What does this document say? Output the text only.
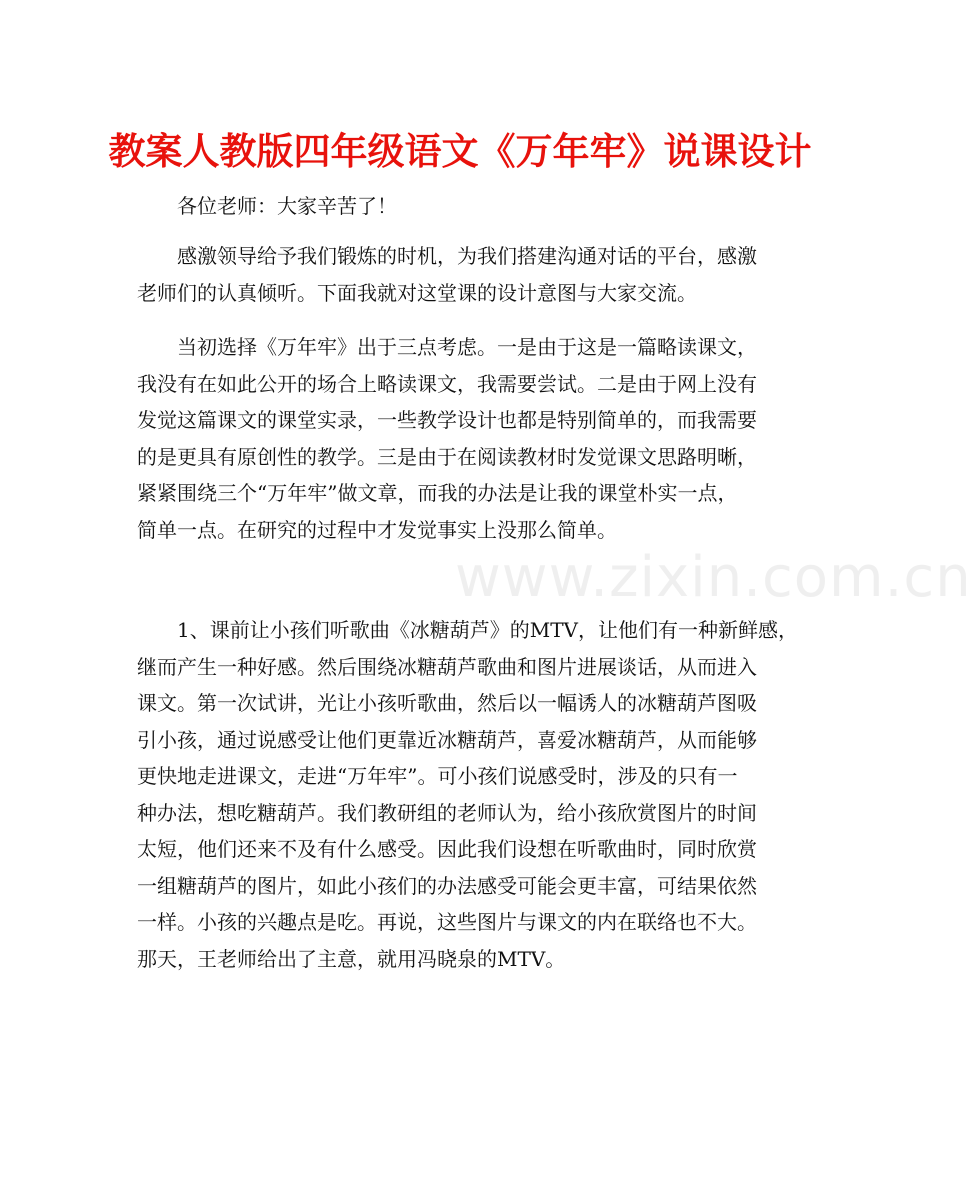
教案人教版四年级语文《万年牢》说课设计
www.zixin.com.cn
各位老师：大家辛苦了！
感激领导给予我们锻炼的时机，为我们搭建沟通对话的平台，感激
老师们的认真倾听。下面我就对这堂课的设计意图与大家交流。
当初选择《万年牢》出于三点考虑。一是由于这是一篇略读课文，
我没有在如此公开的场合上略读课文，我需要尝试。二是由于网上没有
发觉这篇课文的课堂实录，一些教学设计也都是特别简单的，而我需要
的是更具有原创性的教学。三是由于在阅读教材时发觉课文思路明晰，
紧紧围绕三个“万年牢”做文章，而我的办法是让我的课堂朴实一点，
简单一点。在研究的过程中才发觉事实上没那么简单。
1、课前让小孩们听歌曲《冰糖葫芦》的MTV，让他们有一种新鲜感，
继而产生一种好感。然后围绕冰糖葫芦歌曲和图片进展谈话，从而进入
课文。第一次试讲，光让小孩听歌曲，然后以一幅诱人的冰糖葫芦图吸
引小孩，通过说感受让他们更靠近冰糖葫芦，喜爱冰糖葫芦，从而能够
更快地走进课文，走进“万年牢”。可小孩们说感受时，涉及的只有一
种办法，想吃糖葫芦。我们教研组的老师认为，给小孩欣赏图片的时间
太短，他们还来不及有什么感受。因此我们设想在听歌曲时，同时欣赏
一组糖葫芦的图片，如此小孩们的办法感受可能会更丰富，可结果依然
一样。小孩的兴趣点是吃。再说，这些图片与课文的内在联络也不大。
那天，王老师给出了主意，就用冯晓泉的MTV。
